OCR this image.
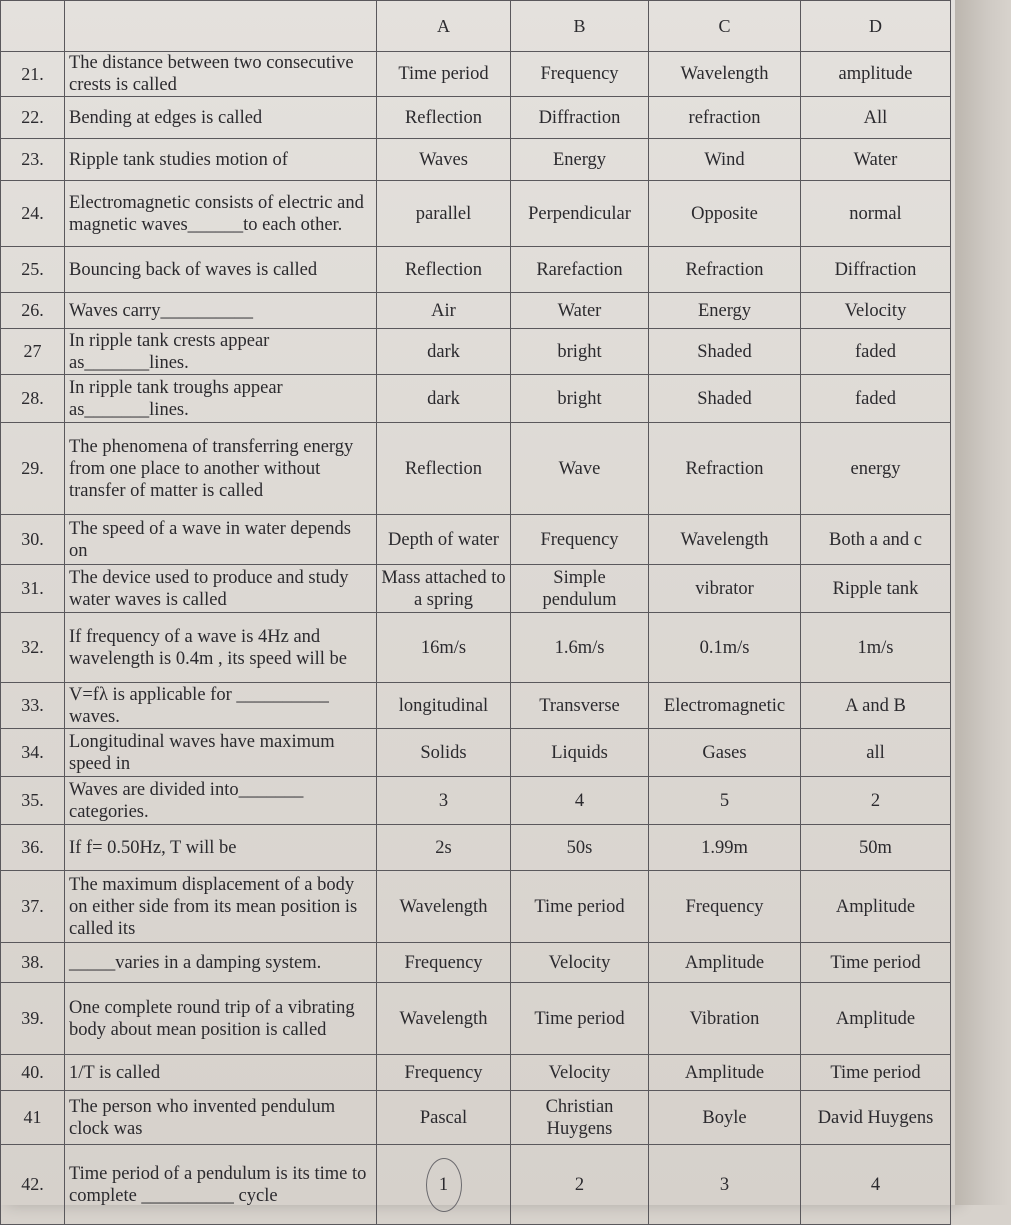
		A	B	C	D
21.	The distance between two consecutive crests is called	Time period	Frequency	Wavelength	amplitude
22.	Bending at edges is called	Reflection	Diffraction	refraction	All
23.	Ripple tank studies motion of	Waves	Energy	Wind	Water
24.	Electromagnetic consists of electric and magnetic waves______to each other.	parallel	Perpendicular	Opposite	normal
25.	Bouncing back of waves is called	Reflection	Rarefaction	Refraction	Diffraction
26.	Waves carry__________	Air	Water	Energy	Velocity
27	In ripple tank crests appear as_______lines.	dark	bright	Shaded	faded
28.	In ripple tank troughs appear as_______lines.	dark	bright	Shaded	faded
29.	The phenomena of transferring energy from one place to another without transfer of matter is called	Reflection	Wave	Refraction	energy
30.	The speed of a wave in water depends on	Depth of water	Frequency	Wavelength	Both a and c
31.	The device used to produce and study water waves is called	Mass attached to a spring	Simple pendulum	vibrator	Ripple tank
32.	If frequency of a wave is 4Hz and wavelength is 0.4m , its speed will be	16m/s	1.6m/s	0.1m/s	1m/s
33.	V=fλ is applicable for __________ waves.	longitudinal	Transverse	Electromagnetic	A and B
34.	Longitudinal waves have maximum speed in	Solids	Liquids	Gases	all
35.	Waves are divided into_______ categories.	3	4	5	2
36.	If f= 0.50Hz, T will be	2s	50s	1.99m	50m
37.	The maximum displacement of a body on either side from its mean position is called its	Wavelength	Time period	Frequency	Amplitude
38.	_____varies in a damping system.	Frequency	Velocity	Amplitude	Time period
39.	One complete round trip of a vibrating body about mean position is called	Wavelength	Time period	Vibration	Amplitude
40.	1/T is called	Frequency	Velocity	Amplitude	Time period
41	The person who invented pendulum clock was	Pascal	Christian Huygens	Boyle	David Huygens
42.	Time period of a pendulum is its time to complete __________ cycle	1	2	3	4
